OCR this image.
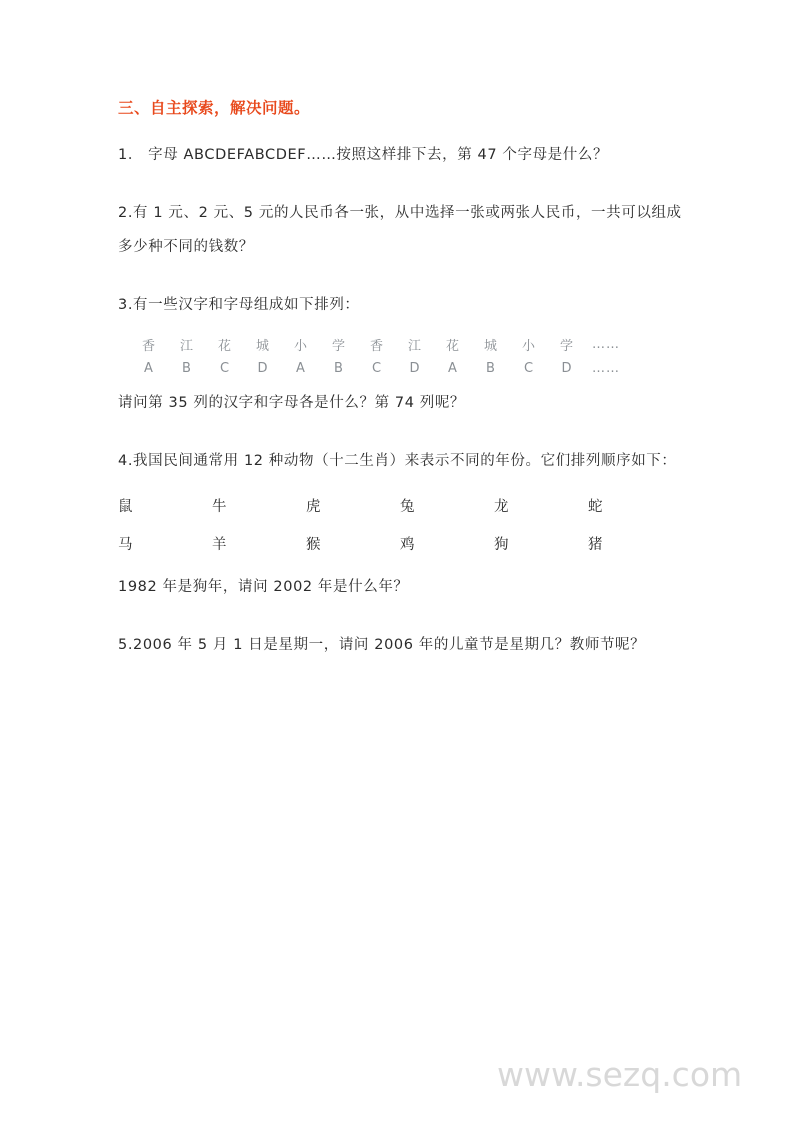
三、自主探索，解决问题。

1． 字母 ABCDEFABCDEF……按照这样排下去，第 47 个字母是什么？

2.有 1 元、2 元、5 元的人民币各一张，从中选择一张或两张人民币，一共可以组成多少种不同的钱数？

3.有一些汉字和字母组成如下排列：

香	江	花	城	小	学	香	江	花	城	小	学	……
A	B	C	D	A	B	C	D	A	B	C	D	……

请问第 35 列的汉字和字母各是什么？第 74 列呢？

4.我国民间通常用 12 种动物（十二生肖）来表示不同的年份。它们排列顺序如下：

鼠	牛	虎	兔	龙	蛇
马	羊	猴	鸡	狗	猪

1982 年是狗年，请问 2002 年是什么年？

5.2006 年 5 月 1 日是星期一，请问 2006 年的儿童节是星期几？教师节呢？

www.sezq.com
